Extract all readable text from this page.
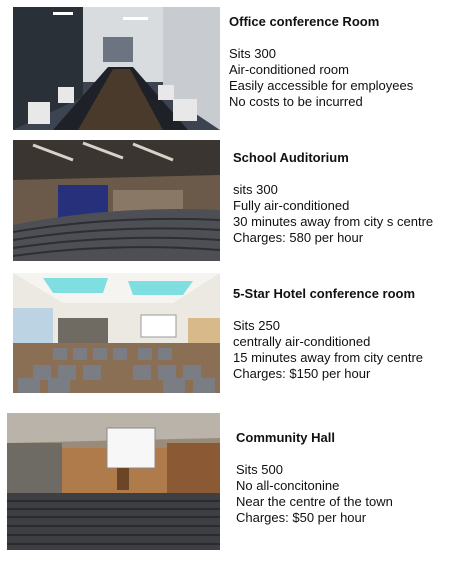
Office conference Room

Sits 300

Air-conditioned room

Easily accessible for employees

No costs to be incurred

School Auditorium

sits 300

Fully air-conditioned

30 minutes away from city s centre

Charges: 580 per hour

5-Star Hotel conference room

Sits 250

centrally air-conditioned

15 minutes away from city centre

Charges: $150 per hour

Community Hall

Sits 500

No all-concitonine

Near the centre of the town

Charges: $50 per hour
